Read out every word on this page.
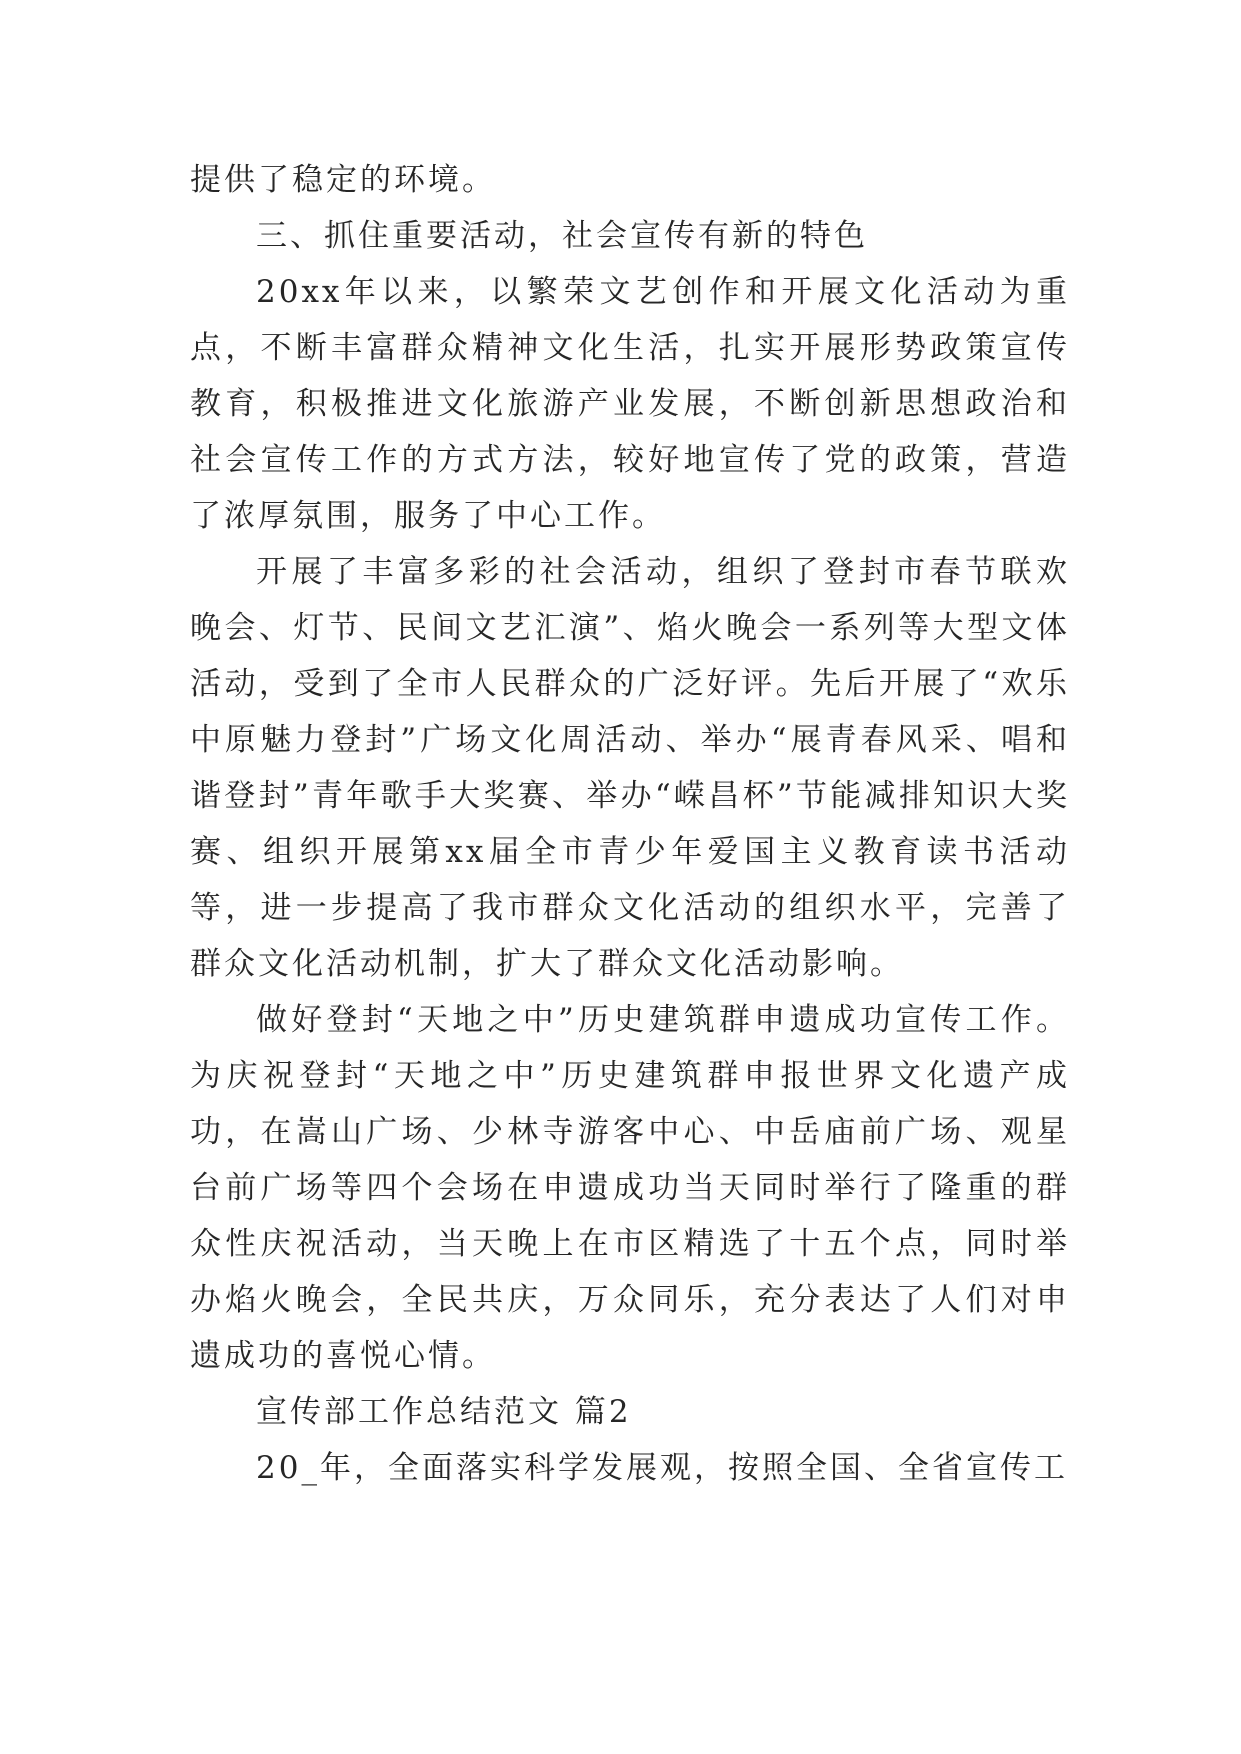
提供了稳定的环境。

三、抓住重要活动，社会宣传有新的特色

20xx年以来，以繁荣文艺创作和开展文化活动为重点，不断丰富群众精神文化生活，扎实开展形势政策宣传教育，积极推进文化旅游产业发展，不断创新思想政治和社会宣传工作的方式方法，较好地宣传了党的政策，营造了浓厚氛围，服务了中心工作。

开展了丰富多彩的社会活动，组织了登封市春节联欢晚会、灯节、民间文艺汇演”、焰火晚会一系列等大型文体活动，受到了全市人民群众的广泛好评。先后开展了“欢乐中原魅力登封”广场文化周活动、举办“展青春风采、唱和谐登封”青年歌手大奖赛、举办“嵘昌杯”节能减排知识大奖赛、组织开展第xx届全市青少年爱国主义教育读书活动等，进一步提高了我市群众文化活动的组织水平，完善了群众文化活动机制，扩大了群众文化活动影响。

做好登封“天地之中”历史建筑群申遗成功宣传工作。为庆祝登封“天地之中”历史建筑群申报世界文化遗产成功，在嵩山广场、少林寺游客中心、中岳庙前广场、观星台前广场等四个会场在申遗成功当天同时举行了隆重的群众性庆祝活动，当天晚上在市区精选了十五个点，同时举办焰火晚会，全民共庆，万众同乐，充分表达了人们对申遗成功的喜悦心情。

宣传部工作总结范文 篇2

20_年，全面落实科学发展观，按照全国、全省宣传工
